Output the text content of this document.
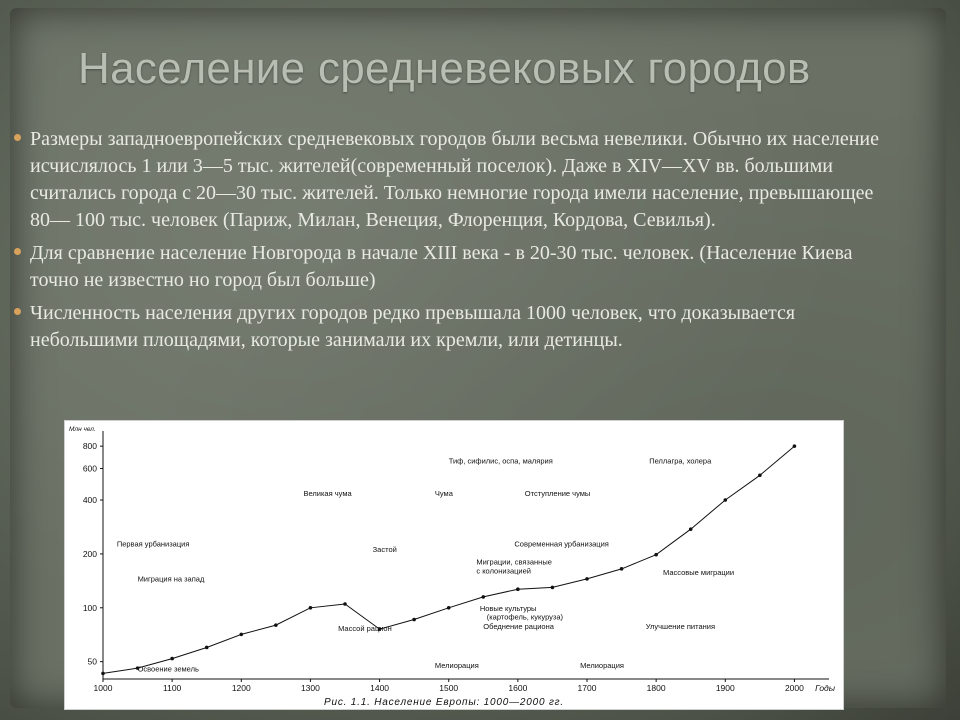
Население средневековых городов
Размеры западноевропейских средневековых городов были весьма невелики. Обычно их население исчислялось 1 или 3—5 тыс. жителей(современный поселок). Даже в XIV—XV вв. большими считались города с 20—30 тыс. жителей. Только немногие города имели население, превышающее 80— 100 тыс. человек (Париж, Милан, Венеция, Флоренция, Кордова, Севилья).
Для сравнение население Новгорода в начале XIII века - в 20-30 тыс. человек. (Население Киева точно не известно но город был больше)
Численность населения других городов редко превышала 1000 человек, что доказывается небольшими площадями, которые занимали их кремли, или детинцы.
Млн чел.
50
100
200
400
600
800
1000	1100	1200	1300	1400	1500	1600	1700	1800	1900	2000 Годы
Рис. 1.1. Население Европы: 1000—2000 гг.
Первая урбанизация
Миграция на запад
Освоение земель
Великая чума	Чума	Отступление чумы
Тиф, сифилис, оспа, малярия	Пеллагра, холера
Застой
Современная урбанизация
Миграции, связанные
с колонизацией	Массовые миграции
Новые культуры
(картофель, кукуруза)
Обеднение рациона
Массой рацион	Улучшение питания
Мелиорация	Мелиорация
